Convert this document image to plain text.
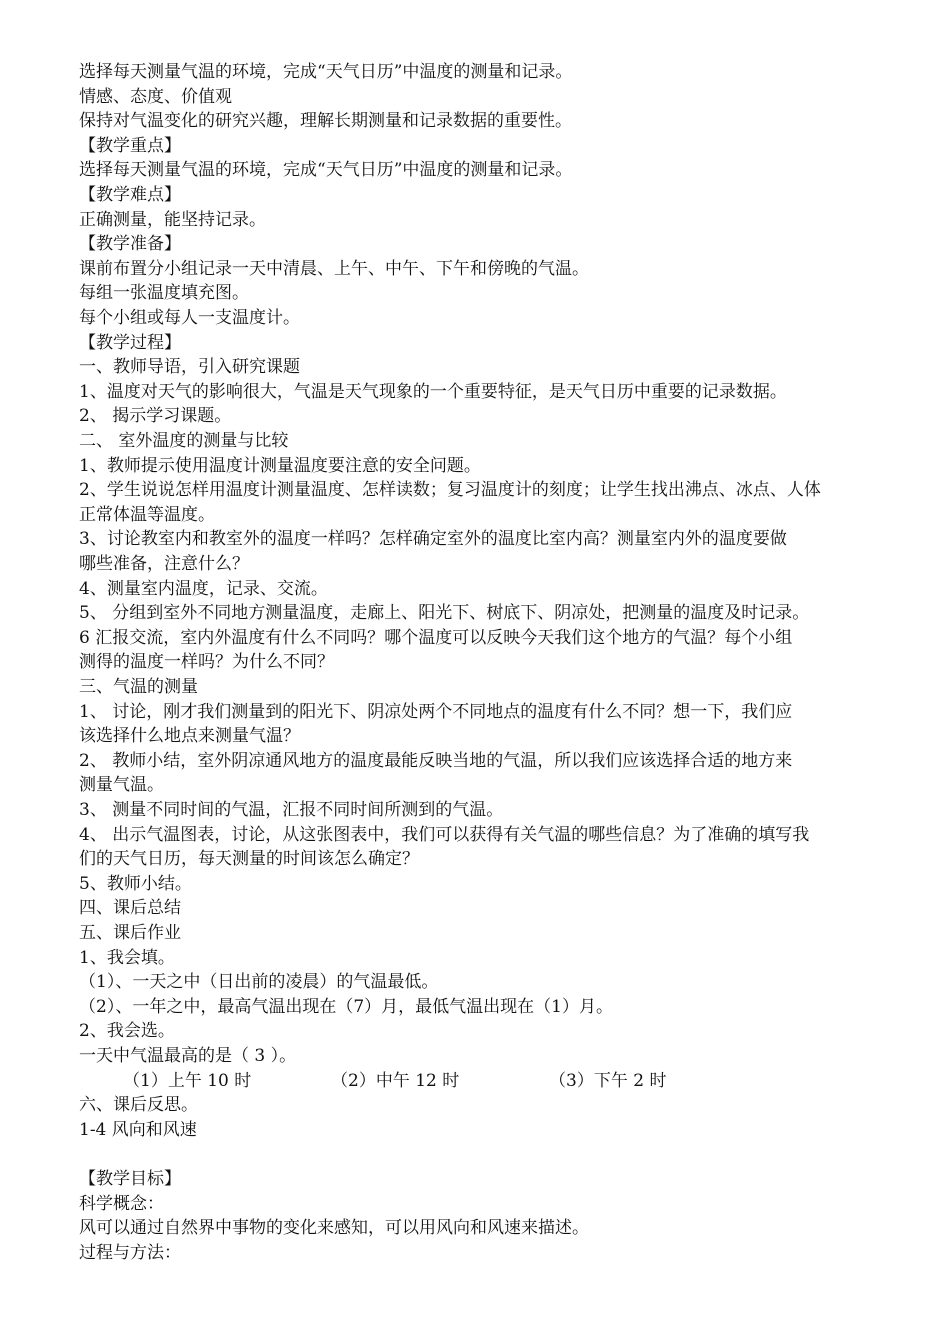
选择每天测量气温的环境，完成“天气日历”中温度的测量和记录。
情感、态度、价值观
保持对气温变化的研究兴趣，理解长期测量和记录数据的重要性。
【教学重点】
选择每天测量气温的环境，完成“天气日历”中温度的测量和记录。
【教学难点】
正确测量，能坚持记录。
【教学准备】
课前布置分小组记录一天中清晨、上午、中午、下午和傍晚的气温。
每组一张温度填充图。
每个小组或每人一支温度计。
【教学过程】
一、教师导语，引入研究课题
1、温度对天气的影响很大，气温是天气现象的一个重要特征，是天气日历中重要的记录数据。
2、 揭示学习课题。
二、 室外温度的测量与比较
1、教师提示使用温度计测量温度要注意的安全问题。
2、学生说说怎样用温度计测量温度、怎样读数；复习温度计的刻度；让学生找出沸点、冰点、人体
正常体温等温度。
3、讨论教室内和教室外的温度一样吗？怎样确定室外的温度比室内高？测量室内外的温度要做
哪些准备，注意什么？
4、测量室内温度，记录、交流。
5、 分组到室外不同地方测量温度，走廊上、阳光下、树底下、阴凉处，把测量的温度及时记录。
6 汇报交流，室内外温度有什么不同吗？哪个温度可以反映今天我们这个地方的气温？每个小组
测得的温度一样吗？为什么不同？
三、气温的测量
1、 讨论，刚才我们测量到的阳光下、阴凉处两个不同地点的温度有什么不同？想一下，我们应
该选择什么地点来测量气温？
2、 教师小结，室外阴凉通风地方的温度最能反映当地的气温，所以我们应该选择合适的地方来
测量气温。
3、 测量不同时间的气温，汇报不同时间所测到的气温。
4、 出示气温图表，讨论，从这张图表中，我们可以获得有关气温的哪些信息？为了准确的填写我
们的天气日历，每天测量的时间该怎么确定？
5、教师小结。
四、课后总结
五、课后作业
1、我会填。
（1）、一天之中（日出前的凌晨）的气温最低。
（2）、一年之中，最高气温出现在（7）月，最低气温出现在（1）月。
2、我会选。
一天中气温最高的是（ 3 ）。
（1）上午 10 时	（2）中午 12 时	（3）下午 2 时
六、课后反思。
1-4 风向和风速
【教学目标】
科学概念：
风可以通过自然界中事物的变化来感知，可以用风向和风速来描述。
过程与方法：
